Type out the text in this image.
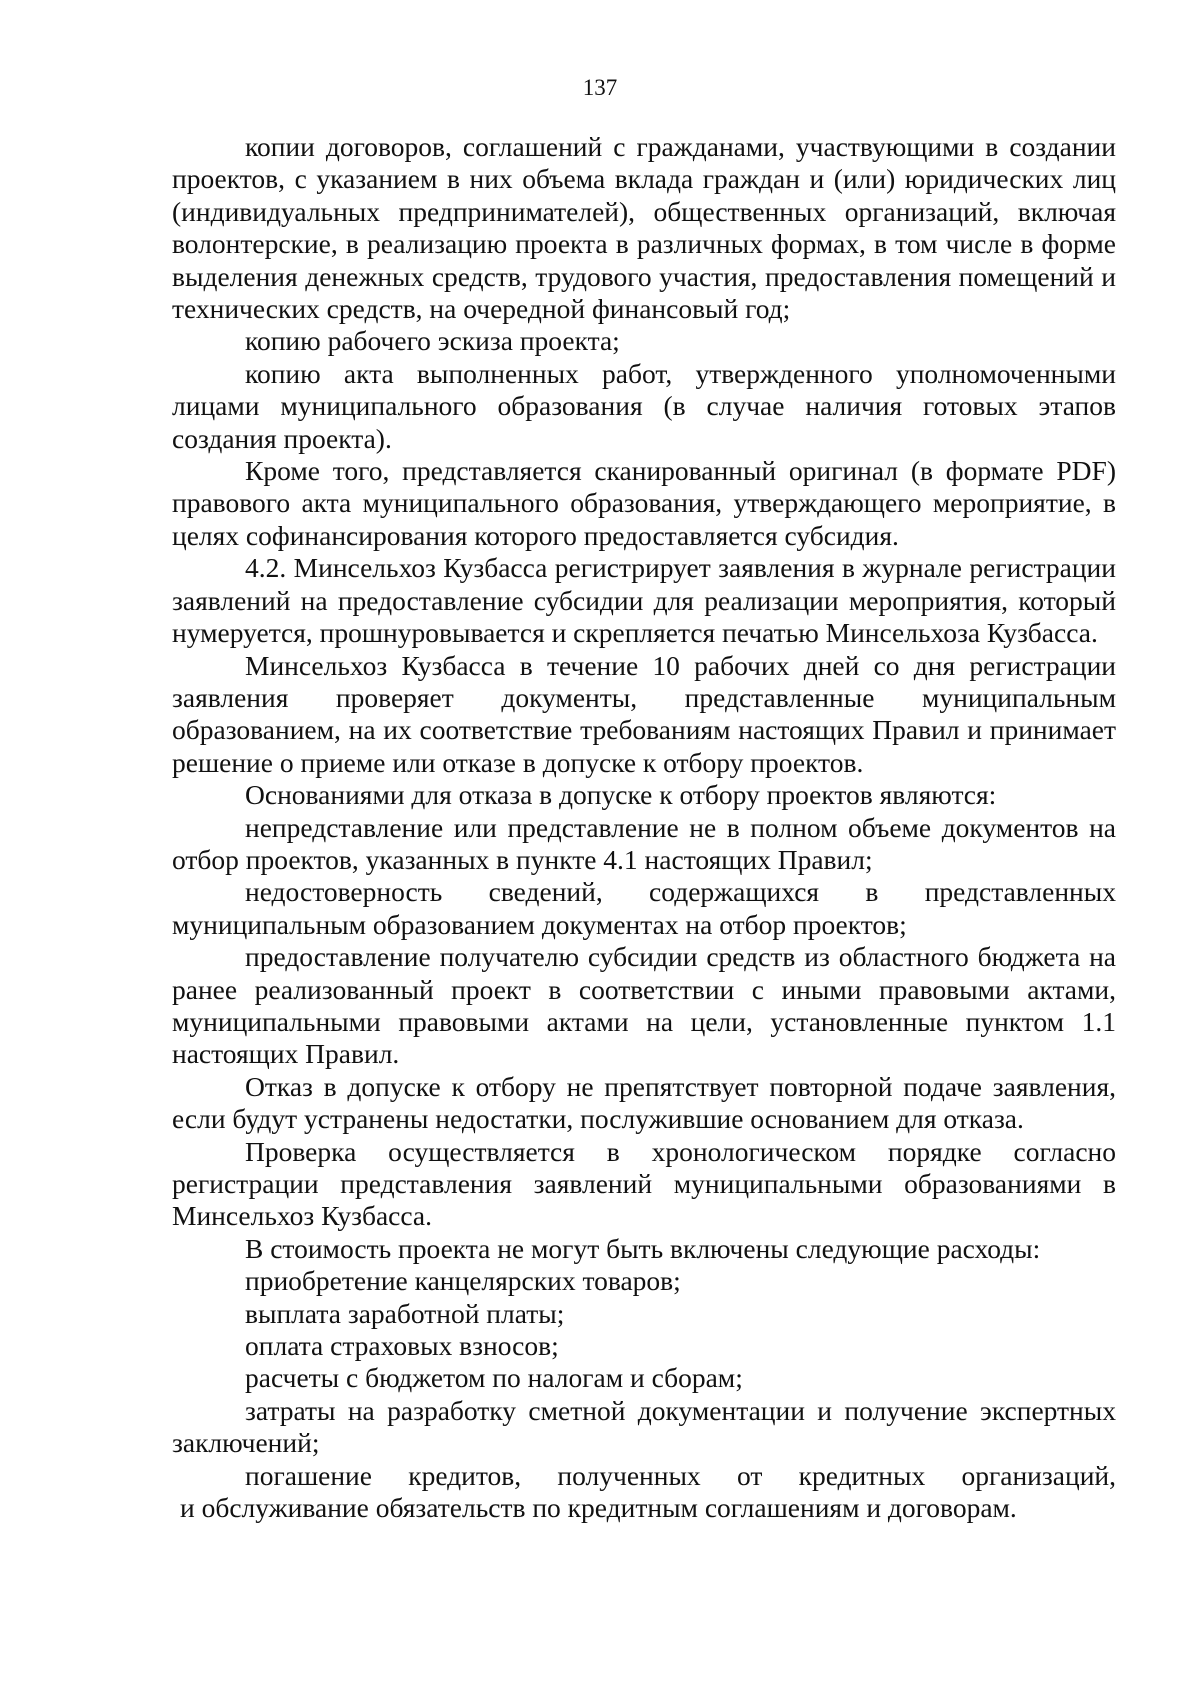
137

копии договоров, соглашений с гражданами, участвующими в создании проектов, с указанием в них объема вклада граждан и (или) юридических лиц (индивидуальных предпринимателей), общественных организаций, включая волонтерские, в реализацию проекта в различных формах, в том числе в форме выделения денежных средств, трудового участия, предоставления помещений и технических средств, на очередной финансовый год;

копию рабочего эскиза проекта;

копию акта выполненных работ, утвержденного уполномоченными лицами муниципального образования (в случае наличия готовых этапов создания проекта).

Кроме того, представляется сканированный оригинал (в формате PDF) правового акта муниципального образования, утверждающего мероприятие, в целях софинансирования которого предоставляется субсидия.

4.2. Минсельхоз Кузбасса регистрирует заявления в журнале регистрации заявлений на предоставление субсидии для реализации мероприятия, который нумеруется, прошнуровывается и скрепляется печатью Минсельхоза Кузбасса.

Минсельхоз Кузбасса в течение 10 рабочих дней со дня регистрации заявления проверяет документы, представленные муниципальным образованием, на их соответствие требованиям настоящих Правил и принимает решение о приеме или отказе в допуске к отбору проектов.

Основаниями для отказа в допуске к отбору проектов являются:

непредставление или представление не в полном объеме документов на отбор проектов, указанных в пункте 4.1 настоящих Правил;

недостоверность сведений, содержащихся в представленных муниципальным образованием документах на отбор проектов;

предоставление получателю субсидии средств из областного бюджета на ранее реализованный проект в соответствии с иными правовыми актами, муниципальными правовыми актами на цели, установленные пунктом 1.1 настоящих Правил.

Отказ в допуске к отбору не препятствует повторной подаче заявления, если будут устранены недостатки, послужившие основанием для отказа.

Проверка осуществляется в хронологическом порядке согласно регистрации представления заявлений муниципальными образованиями в Минсельхоз Кузбасса.

В стоимость проекта не могут быть включены следующие расходы:

приобретение канцелярских товаров;

выплата заработной платы;

оплата страховых взносов;

расчеты с бюджетом по налогам и сборам;

затраты на разработку сметной документации и получение экспертных заключений;

погашение кредитов, полученных от кредитных организаций,

и обслуживание обязательств по кредитным соглашениям и договорам.
